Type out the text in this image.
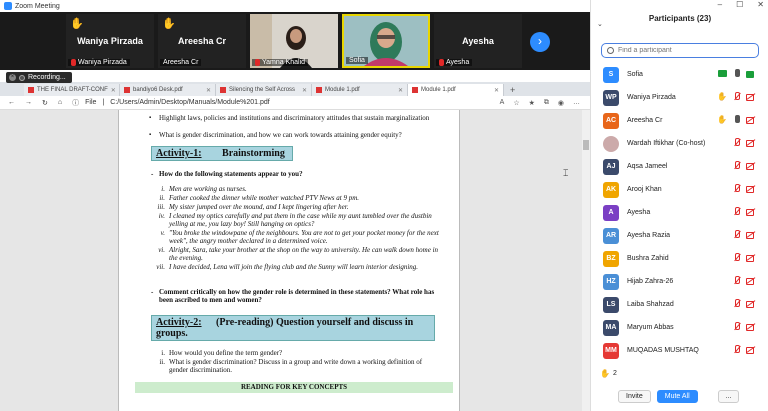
Zoom Meeting
✋
Waniya Pirzada
Waniya Pirzada
✋
Areesha Cr
Areesha Cr	Yamna Khalid	Sofia
Ayesha
Ayesha
›
× Recording...
THE FINAL DRAFT-CONF ✕	bandiyo6 Desk.pdf	✕	Silencing the Self Across ✕	Module 1.pdf	✕	Module 1.pdf	✕	+
← → ↻ ⌂ ⓘ File | C:/Users/Admin/Desktop/Manuals/Module%201.pdf	A ☆ ★ ⧉ ◉ …
⌶
▪ Highlight laws, policies and institutions and discriminatory attitudes that sustain marginalization
▪ What is gender discrimination, and how we can work towards attaining gender equity?
Activity-1: Brainstorming
- How do the following statements appear to you?
i. Men are working as nurses.
ii. Father cooked the dinner while mother watched PTV News at 9 pm.
iii. My sister jumped over the mound, and I kept lingering after her.
iv. I cleaned my optics carefully and put them in the case while my aunt tumbled over the dustbin yelling at me, you lazy boy! Still hanging on optics?
v. "You broke the windowpane of the neighbours. You are not to get your pocket money for the next week", the angry mother declared in a determined voice.
vi. Alright, Sara, take your brother at the shop on the way to university. He can walk down home in the evening.
vii. I have decided, Lena will join the flying club and the Sunny will learn interior designing.
- Comment critically on how the gender role is determined in these statements? What role has been ascribed to men and women?
Activity-2: (Pre-reading) Question yourself and discuss in groups.
i. How would you define the term gender?
ii. What is gender discrimination? Discuss in a group and write down a working definition of gender discrimination.
READING FOR KEY CONCEPTS
– ☐ ✕
⌄
Participants (23)
Find a participant
S	Sofia
WP	Waniya Pirzada	✋
AC	Areesha Cr	✋
Wardah Iftikhar (Co-host)
AJ	Aqsa Jameel
AK	Arooj Khan
A	Ayesha
AR	Ayesha Razia
BZ	Bushra Zahid
HZ	Hijab Zahra-26
LS	Laiba Shahzad
MA	Maryum Abbas
MM	MUQADAS MUSHTAQ
✋ 2
Invite	Mute All	...
